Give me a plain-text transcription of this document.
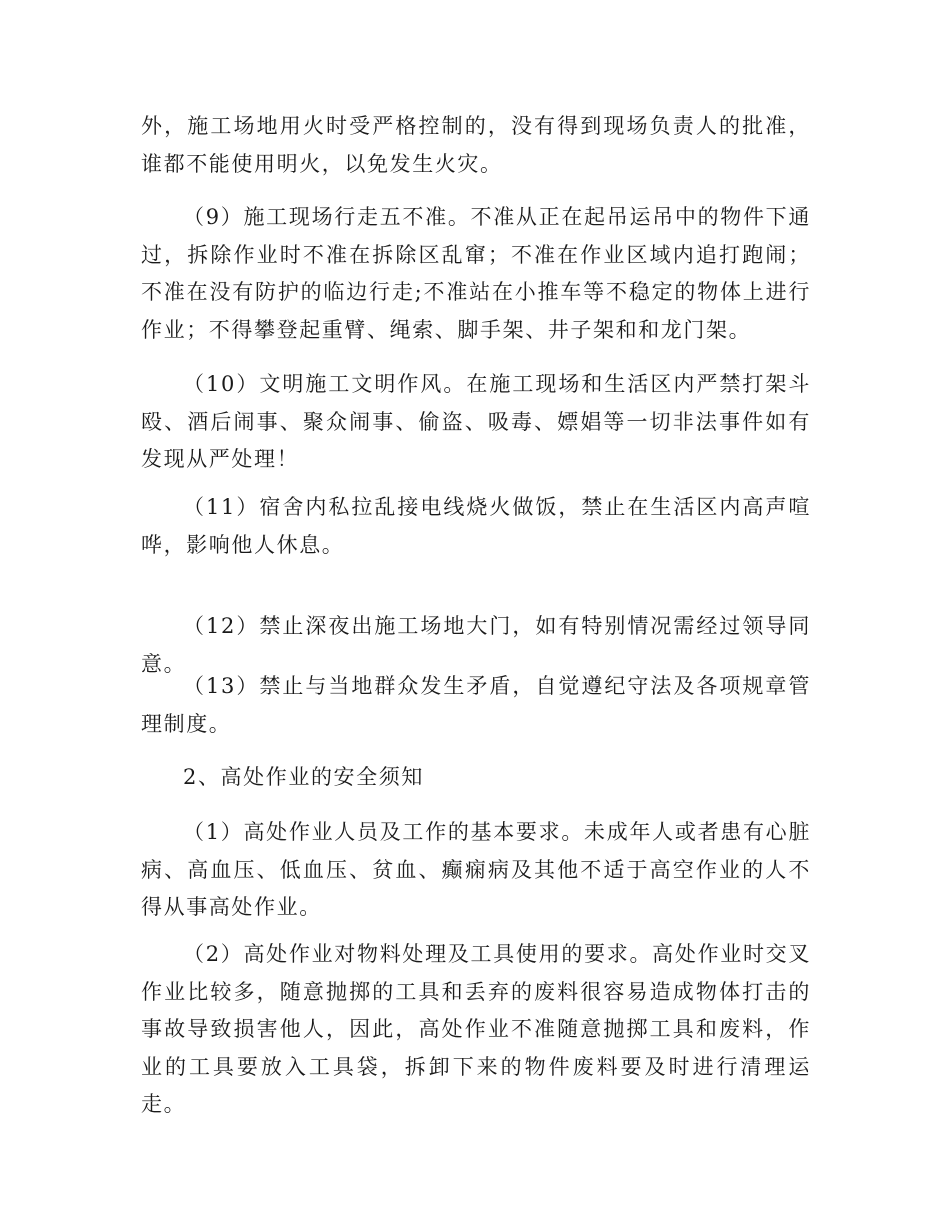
外，施工场地用火时受严格控制的，没有得到现场负责人的批准，谁都不能使用明火，以免发生火灾。

（9）施工现场行走五不准。不准从正在起吊运吊中的物件下通过，拆除作业时不准在拆除区乱窜；不准在作业区域内追打跑闹；不准在没有防护的临边行走;不准站在小推车等不稳定的物体上进行作业；不得攀登起重臂、绳索、脚手架、井子架和和龙门架。

（10）文明施工文明作风。在施工现场和生活区内严禁打架斗殴、酒后闹事、聚众闹事、偷盗、吸毒、嫖娼等一切非法事件如有发现从严处理！

（11）宿舍内私拉乱接电线烧火做饭，禁止在生活区内高声喧哗，影响他人休息。

（12）禁止深夜出施工场地大门，如有特别情况需经过领导同意。

（13）禁止与当地群众发生矛盾，自觉遵纪守法及各项规章管理制度。

2、高处作业的安全须知

（1）高处作业人员及工作的基本要求。未成年人或者患有心脏病、高血压、低血压、贫血、癫痫病及其他不适于高空作业的人不得从事高处作业。

（2）高处作业对物料处理及工具使用的要求。高处作业时交叉作业比较多，随意抛掷的工具和丢弃的废料很容易造成物体打击的事故导致损害他人，因此，高处作业不准随意抛掷工具和废料，作业的工具要放入工具袋，拆卸下来的物件废料要及时进行清理运走。
